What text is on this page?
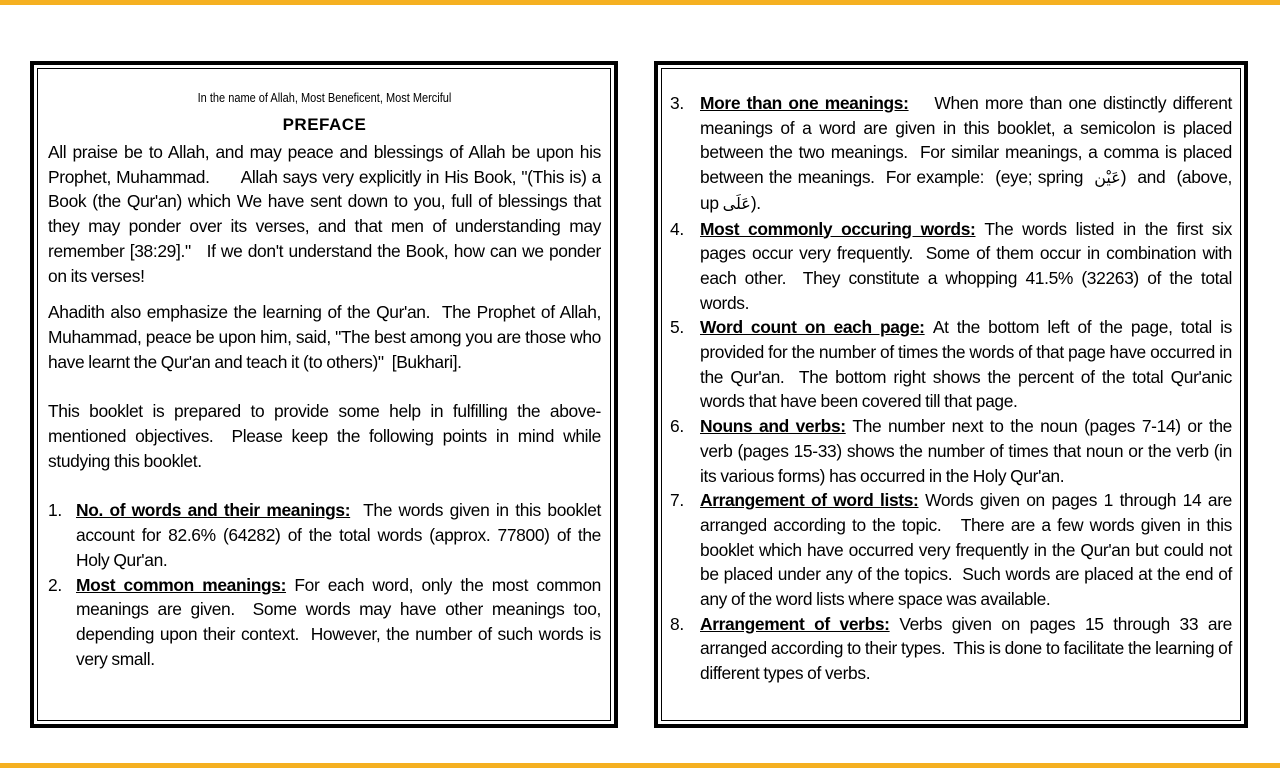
In the name of Allah, Most Beneficent, Most Merciful

PREFACE

All praise be to Allah, and may peace and blessings of Allah be upon his Prophet, Muhammad.      Allah says very explicitly in His Book, "(This is) a Book (the Qur'an) which We have sent down to you, full of blessings that they may ponder over its verses, and that men of understanding may remember [38:29]."   If we don't understand the Book, how can we ponder on its verses!

Ahadith also emphasize the learning of the Qur'an.  The Prophet of Allah, Muhammad, peace be upon him, said, "The best among you are those who have learnt the Qur'an and teach it (to others)"  [Bukhari].

This booklet is prepared to provide some help in fulfilling the above-mentioned objectives.  Please keep the following points in mind while studying this booklet.

1. No. of words and their meanings:  The words given in this booklet account for 82.6% (64282) of the total words (approx. 77800) of the Holy Qur'an.
2. Most common meanings: For each word, only the most common meanings are given.  Some words may have other meanings too, depending upon their context.  However, the number of such words is very small.
3. More than one meanings:    When more than one distinctly different meanings of a word are given in this booklet, a semicolon is placed between the two meanings.  For similar meanings, a comma is placed between the meanings.  For example:  (eye; spring  عَيْن)  and  (above, up عَلَى).
4. Most commonly occuring words: The words listed in the first six pages occur very frequently.  Some of them occur in combination with each other.  They constitute a whopping 41.5% (32263) of the total words.
5. Word count on each page: At the bottom left of the page, total is provided for the number of times the words of that page have occurred in the Qur'an.  The bottom right shows the percent of the total Qur'anic words that have been covered till that page.
6. Nouns and verbs: The number next to the noun (pages 7-14) or the verb (pages 15-33) shows the number of times that noun or the verb (in its various forms) has occurred in the Holy Qur'an.
7. Arrangement of word lists: Words given on pages 1 through 14 are arranged according to the topic.   There are a few words given in this booklet which have occurred very frequently in the Qur'an but could not be placed under any of the topics.  Such words are placed at the end of any of the word lists where space was available.
8. Arrangement of verbs: Verbs given on pages 15 through 33 are arranged according to their types.  This is done to facilitate the learning of different types of verbs.
